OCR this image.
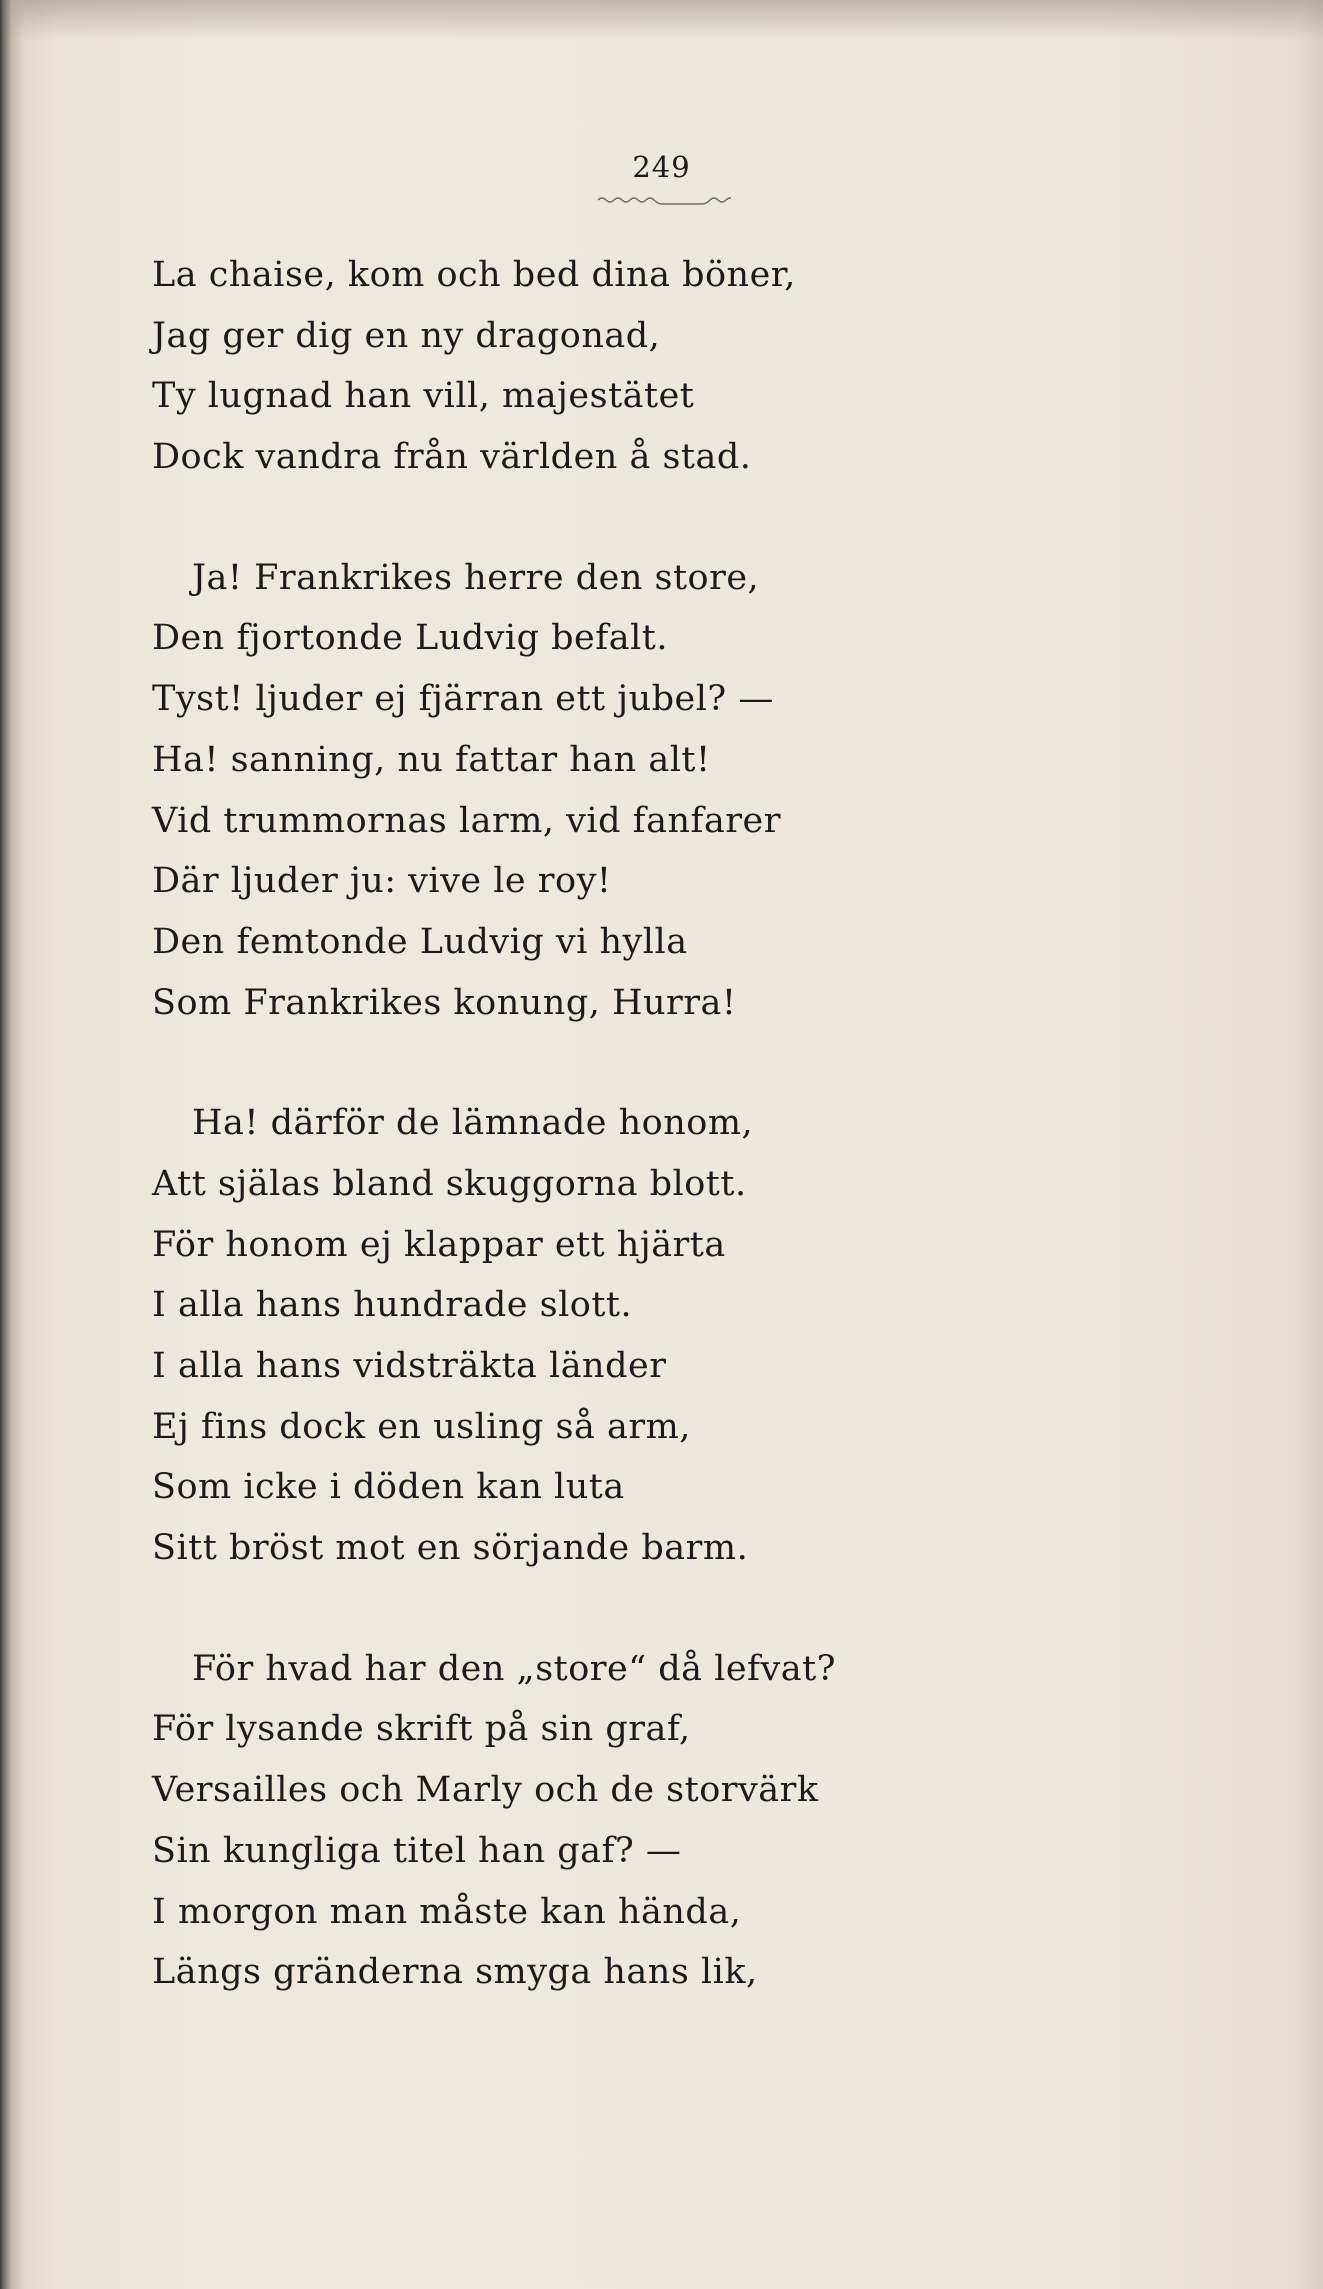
249
La chaise, kom och bed dina böner,
Jag ger dig en ny dragonad,
Ty lugnad han vill, majestätet
Dock vandra från världen å stad.
Ja! Frankrikes herre den store,
Den fjortonde Ludvig befalt.
Tyst! ljuder ej fjärran ett jubel? —
Ha! sanning, nu fattar han alt!
Vid trummornas larm, vid fanfarer
Där ljuder ju: vive le roy!
Den femtonde Ludvig vi hylla
Som Frankrikes konung, Hurra!
Ha! därför de lämnade honom,
Att själas bland skuggorna blott.
För honom ej klappar ett hjärta
I alla hans hundrade slott.
I alla hans vidsträkta länder
Ej fins dock en usling så arm,
Som icke i döden kan luta
Sitt bröst mot en sörjande barm.
För hvad har den „store“ då lefvat?
För lysande skrift på sin graf,
Versailles och Marly och de storvärk
Sin kungliga titel han gaf? —
I morgon man måste kan hända,
Längs gränderna smyga hans lik,
